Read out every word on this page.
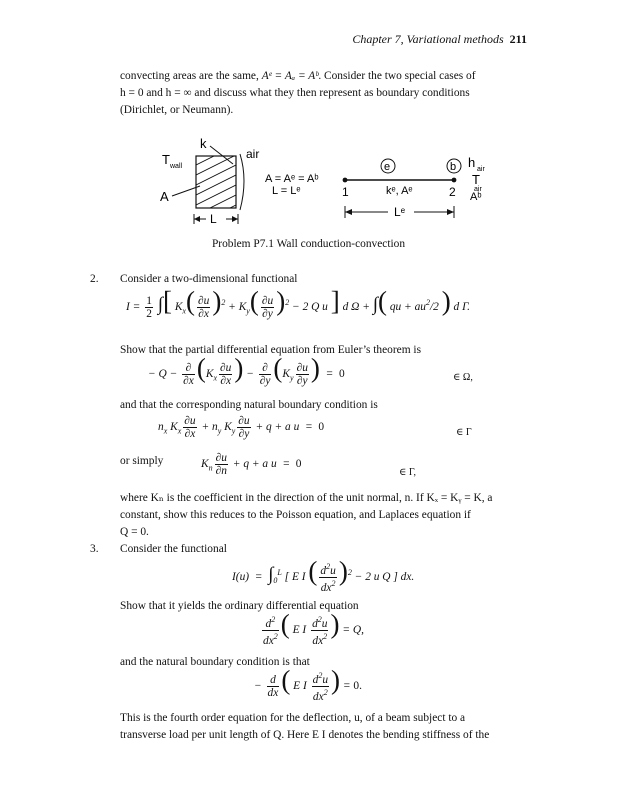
Chapter 7, Variational methods 211
convecting areas are the same, Aᵉ = Aₐ = Aᵇ. Consider the two special cases of
h = 0 and h = ∞ and discuss what they then represent as boundary conditions
(Dirichlet, or Neumann).
k
air
T wall
A
L
A = Aᵉ = Aᵇ
L = Lᵉ
e	b
1	kᵉ, Aᵉ	2
h air
T
air
Aᵇ
Lᵉ
Problem P7.1 Wall conduction-convection
2. Consider a two-dimensional functional
$I = \frac{1}{2}$ ∫[ $K_x( \frac{\partial u}{\partial x} )^2 + K_y( \frac{\partial u}{\partial y} )^2 - 2$ Q u ] d Ω + ∫( qu + $au^2/2$ ) d Γ.
Show that the partial differential equation from Euler’s theorem is
− $Q - \frac{\partial}{\partial x} (K_x \frac{\partial u}{\partial x}$ ) − $\frac{\partial}{\partial y} (K_y \frac{\partial u}{\partial y}$ )  =  0	∈ Ω,
and that the corresponding natural boundary condition is
$n_x$ $K_x \frac{\partial u}{\partial x} + n_y$ $K_y \frac{\partial u}{\partial y} + q + a$ u  =  0	∈ Γ
or simply	$K_n \frac{\partial u}{\partial n} + q + a$ u  =  0
∈ Γ,
where Kₙ is the coefficient in the direction of the unit normal, n. If Kₓ = Kᵧ = K, a
constant, show this reduces to the Poisson equation, and Laplaces equation if
Q = 0.
3. Consider the functional
$I(u) = \int_0^L$ [ E I ( $\frac{d^2u}{dx^2} )^2 - 2$ u Q ] dx.
Show that it yields the ordinary differential equation
$\frac{d^2}{dx^2}$ ( E I $\frac{d^2u}{dx^2}$ ) = Q,
and the natural boundary condition is that
− $\frac{d}{dx}$ ( E I $\frac{d^2u}{dx^2}$ ) = 0.
This is the fourth order equation for the deflection, u, of a beam subject to a
transverse load per unit length of Q. Here E I denotes the bending stiffness of the
